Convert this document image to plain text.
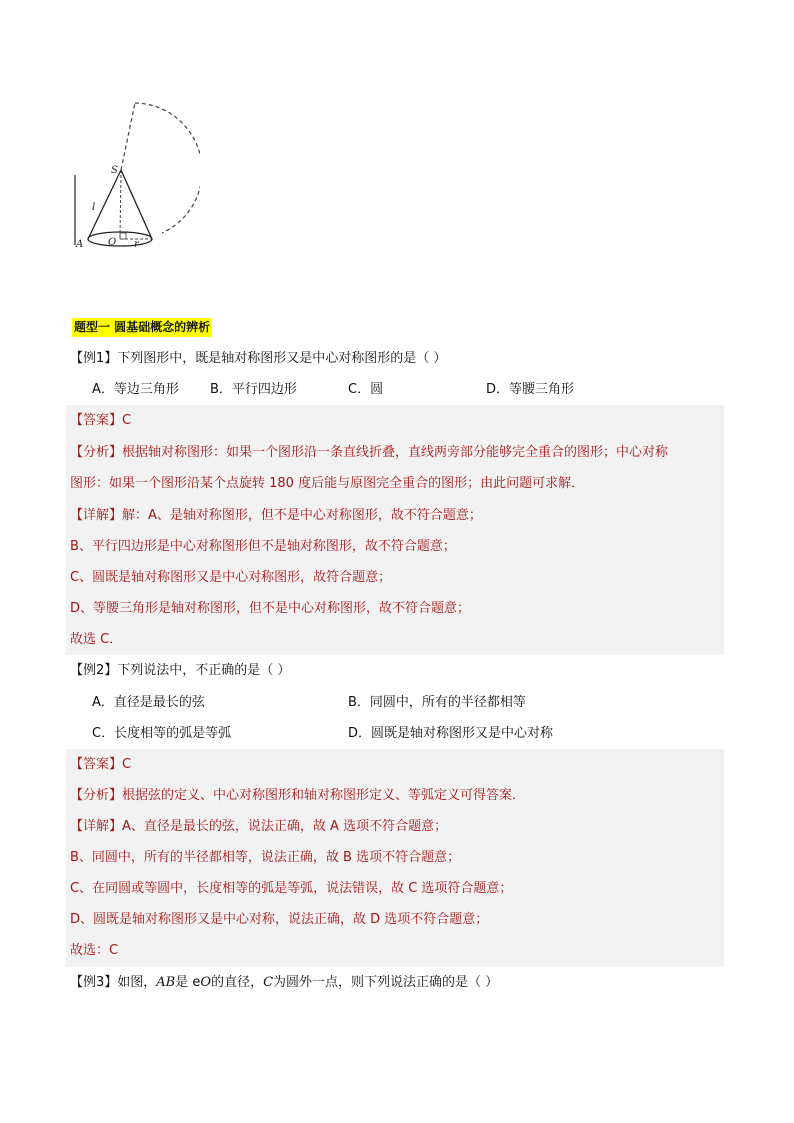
S
l
A O r
题型一 圆基础概念的辨析
【例1】下列图形中，既是轴对称图形又是中心对称图形的是（ ）
A．等边三角形 B．平行四边形	C．圆	D．等腰三角形
【答案】C
【分析】根据轴对称图形：如果一个图形沿一条直线折叠，直线两旁部分能够完全重合的图形；中心对称
图形：如果一个图形沿某个点旋转 180 度后能与原图完全重合的图形；由此问题可求解．
【详解】解：A、是轴对称图形，但不是中心对称图形，故不符合题意；
B、平行四边形是中心对称图形但不是轴对称图形，故不符合题意；
C、圆既是轴对称图形又是中心对称图形，故符合题意；
D、等腰三角形是轴对称图形，但不是中心对称图形，故不符合题意；
故选 C．
【例2】下列说法中，不正确的是（ ）
A．直径是最长的弦	B．同圆中，所有的半径都相等
C．长度相等的弧是等弧	D．圆既是轴对称图形又是中心对称
【答案】C
【分析】根据弦的定义、中心对称图形和轴对称图形定义、等弧定义可得答案．
【详解】A、直径是最长的弦，说法正确，故 A 选项不符合题意；
B、同圆中，所有的半径都相等，说法正确，故 B 选项不符合题意；
C、在同圆或等圆中，长度相等的弧是等弧，说法错误，故 C 选项符合题意；
D、圆既是轴对称图形又是中心对称，说法正确，故 D 选项不符合题意；
故选：C
【例3】如图，AB是 eO的直径，C为圆外一点，则下列说法正确的是（ ）
